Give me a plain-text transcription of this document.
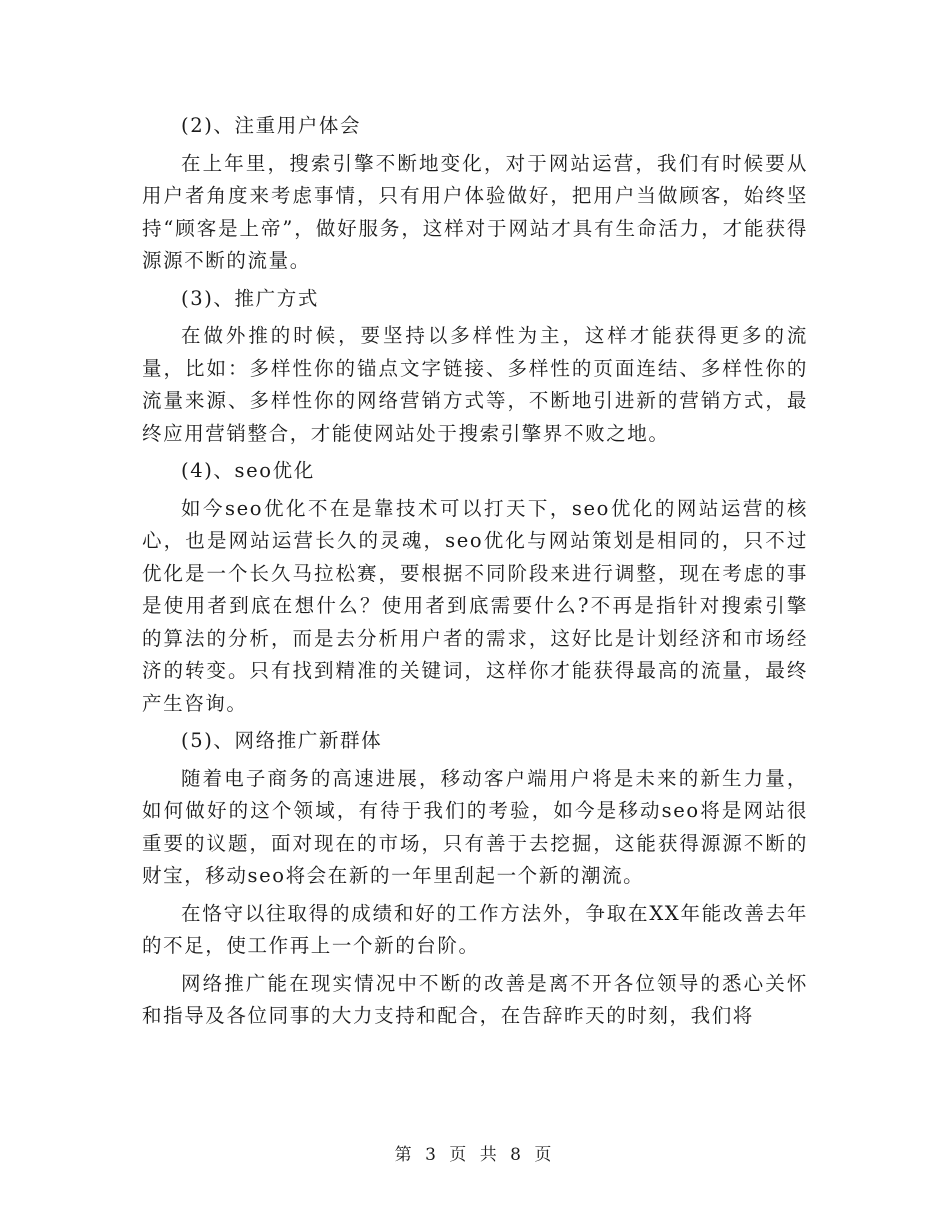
(2)、注重用户体会

在上年里，搜索引擎不断地变化，对于网站运营，我们有时候要从用户者角度来考虑事情，只有用户体验做好，把用户当做顾客，始终坚持“顾客是上帝”，做好服务，这样对于网站才具有生命活力，才能获得源源不断的流量。

(3)、推广方式

在做外推的时候，要坚持以多样性为主，这样才能获得更多的流量，比如：多样性你的锚点文字链接、多样性的页面连结、多样性你的流量来源、多样性你的网络营销方式等，不断地引进新的营销方式，最终应用营销整合，才能使网站处于搜索引擎界不败之地。

(4)、seo优化

如今seo优化不在是靠技术可以打天下，seo优化的网站运营的核心，也是网站运营长久的灵魂，seo优化与网站策划是相同的，只不过优化是一个长久马拉松赛，要根据不同阶段来进行调整，现在考虑的事是使用者到底在想什么？使用者到底需要什么?不再是指针对搜索引擎的算法的分析，而是去分析用户者的需求，这好比是计划经济和市场经济的转变。只有找到精准的关键词，这样你才能获得最高的流量，最终产生咨询。

(5)、网络推广新群体

随着电子商务的高速进展，移动客户端用户将是未来的新生力量，如何做好的这个领域，有待于我们的考验，如今是移动seo将是网站很重要的议题，面对现在的市场，只有善于去挖掘，这能获得源源不断的财宝，移动seo将会在新的一年里刮起一个新的潮流。

在恪守以往取得的成绩和好的工作方法外，争取在XX年能改善去年的不足，使工作再上一个新的台阶。

网络推广能在现实情况中不断的改善是离不开各位领导的悉心关怀和指导及各位同事的大力支持和配合，在告辞昨天的时刻，我们将

第 3 页 共 8 页
